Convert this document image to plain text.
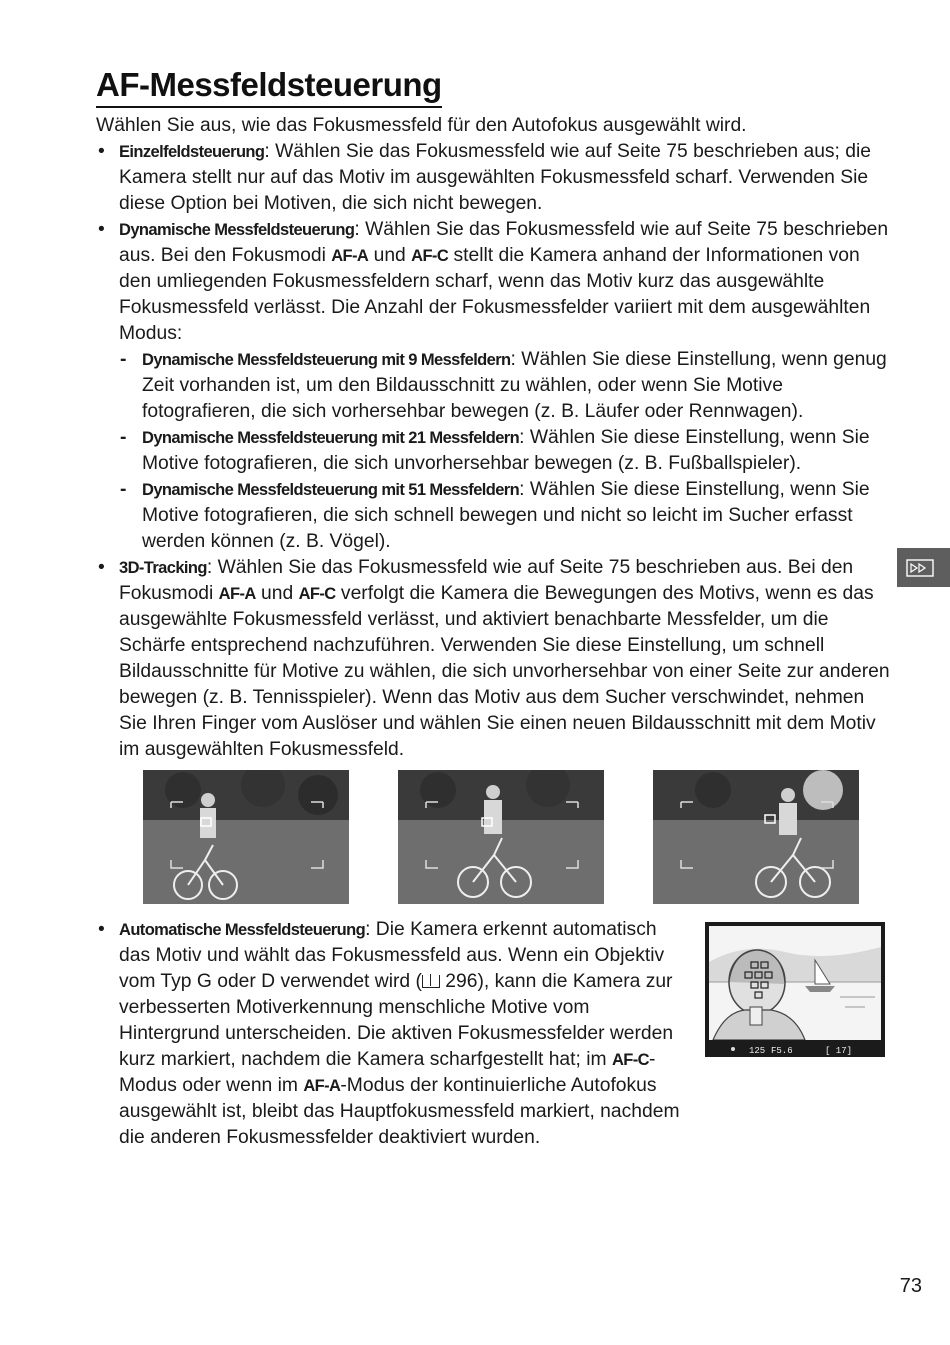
AF-Messfeldsteuerung
Wählen Sie aus, wie das Fokusmessfeld für den Autofokus ausgewählt wird.
• Einzelfeldsteuerung: Wählen Sie das Fokusmessfeld wie auf Seite 75 beschrieben aus; die Kamera stellt nur auf das Motiv im ausgewählten Fokusmessfeld scharf. Verwenden Sie diese Option bei Motiven, die sich nicht bewegen.
• Dynamische Messfeldsteuerung: Wählen Sie das Fokusmessfeld wie auf Seite 75 beschrieben aus. Bei den Fokusmodi AF-A und AF-C stellt die Kamera anhand der Informationen von den umliegenden Fokusmessfeldern scharf, wenn das Motiv kurz das ausgewählte Fokusmessfeld verlässt. Die Anzahl der Fokusmessfelder variiert mit dem ausgewählten Modus:
- Dynamische Messfeldsteuerung mit 9 Messfeldern: Wählen Sie diese Einstellung, wenn genug Zeit vorhanden ist, um den Bildausschnitt zu wählen, oder wenn Sie Motive fotografieren, die sich vorhersehbar bewegen (z. B. Läufer oder Rennwagen).
- Dynamische Messfeldsteuerung mit 21 Messfeldern: Wählen Sie diese Einstellung, wenn Sie Motive fotografieren, die sich unvorhersehbar bewegen (z. B. Fußballspieler).
- Dynamische Messfeldsteuerung mit 51 Messfeldern: Wählen Sie diese Einstellung, wenn Sie Motive fotografieren, die sich schnell bewegen und nicht so leicht im Sucher erfasst werden können (z. B. Vögel).
• 3D-Tracking: Wählen Sie das Fokusmessfeld wie auf Seite 75 beschrieben aus. Bei den Fokusmodi AF-A und AF-C verfolgt die Kamera die Bewegungen des Motivs, wenn es das ausgewählte Fokusmessfeld verlässt, und aktiviert benachbarte Messfelder, um die Schärfe entsprechend nachzuführen. Verwenden Sie diese Einstellung, um schnell Bildausschnitte für Motive zu wählen, die sich unvorhersehbar von einer Seite zur anderen bewegen (z. B. Tennisspieler). Wenn das Motiv aus dem Sucher verschwindet, nehmen Sie Ihren Finger vom Auslöser und wählen Sie einen neuen Bildausschnitt mit dem Motiv im ausgewählten Fokusmessfeld.
125 F5.6	[ 17]
• Automatische Messfeldsteuerung: Die Kamera erkennt automatisch das Motiv und wählt das Fokusmessfeld aus. Wenn ein Objektiv vom Typ G oder D verwendet wird (
296), kann die Kamera zur verbesserten Motiverkennung menschliche Motive vom Hintergrund unterscheiden. Die aktiven Fokusmessfelder werden kurz markiert, nachdem die Kamera scharfgestellt hat; im AF-C-Modus oder wenn im AF-A-Modus der kontinuierliche Autofokus ausgewählt ist, bleibt das Hauptfokusmessfeld markiert, nachdem die anderen Fokusmessfelder deaktiviert wurden.
73
